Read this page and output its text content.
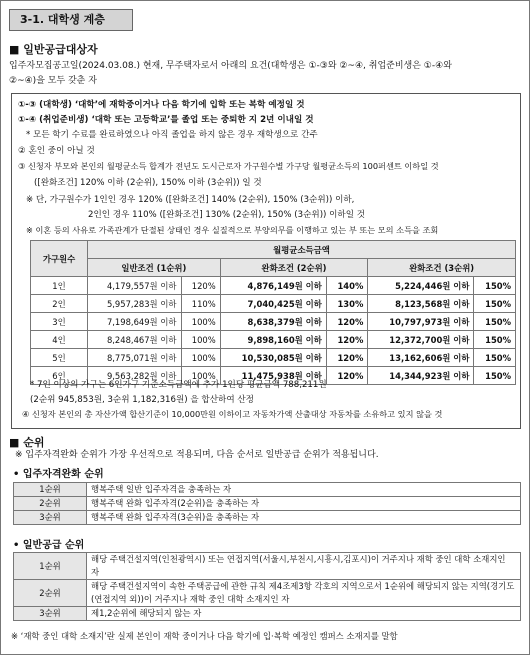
3-1. 대학생 계층
■ 일반공급대상자
입주자모집공고일(2024.03.08.) 현재, 무주택자로서 아래의 요건(대학생은 ①-③와 ②~④, 취업준비생은 ①-④와
②~④)을 모두 갖춘 자
①-③ (대학생) ‘대학’에 재학중이거나 다음 학기에 입학 또는 복학 예정일 것
①-④ (취업준비생) ‘대학 또는 고등학교’를 졸업 또는 중퇴한 지 2년 이내일 것
* 모든 학기 수료를 완료하였으나 아직 졸업을 하지 않은 경우 재학생으로 간주
② 혼인 중이 아닐 것
③ 신청자 부모와 본인의 월평균소득 합계가 전년도 도시근로자 가구원수별 가구당 월평균소득의 100퍼센트 이하일 것
([완화조건] 120% 이하 (2순위), 150% 이하 (3순위)) 일 것
※ 단, 가구원수가 1인인 경우 120% ([완화조건] 140% (2순위), 150% (3순위)) 이하,
2인인 경우 110% ([완화조건] 130% (2순위), 150% (3순위)) 이하일 것
※ 이혼 등의 사유로 가족관계가 단절된 상태인 경우 실질적으로 부양의무를 이행하고 있는 부 또는 모의 소득을 조회
가구원수	월평균소득금액					
	일반조건 (1순위)		완화조건 (2순위)		완화조건 (3순위)	
1인	4,179,557원 이하	120%	4,876,149원 이하	140%	5,224,446원 이하	150%
2인	5,957,283원 이하	110%	7,040,425원 이하	130%	8,123,568원 이하	150%
3인	7,198,649원 이하	100%	8,638,379원 이하	120%	10,797,973원 이하	150%
4인	8,248,467원 이하	100%	9,898,160원 이하	120%	12,372,700원 이하	150%
5인	8,775,071원 이하	100%	10,530,085원 이하	120%	13,162,606원 이하	150%
6인	9,563,282원 이하	100%	11,475,938원 이하	120%	14,344,923원 이하	150%
* 7인 이상의 가구는 6인가구 기준소득금액에 추가 1인당 평균금액 788,211원
(2순위 945,853원, 3순위 1,182,316원) 을 합산하여 산정
④ 신청자 본인의 총 자산가액 합산기준이 10,000만원 이하이고 자동차가액 산출대상 자동차를 소유하고 있지 않을 것
■ 순위
※ 입주자격완화 순위가 가장 우선적으로 적용되며, 다음 순서로 일반공급 순위가 적용됩니다.
• 입주자격완화 순위
1순위	행복주택 일반 입주자격을 충족하는 자
2순위	행복주택 완화 입주자격(2순위)을 충족하는 자
3순위	행복주택 완화 입주자격(3순위)을 충족하는 자
• 일반공급 순위
1순위	해당 주택건설지역(인천광역시) 또는 연접지역(서울시,부천시,시흥시,김포시)이 거주지나 재학 중인 대학 소재지인 자
2순위	해당 주택건설지역이 속한 주택공급에 관한 규칙 제4조제3항 각호의 지역으로서 1순위에 해당되지 않는 지역(경기도(연접지역 외))이 거주지나 재학 중인 대학 소재지인 자
3순위	제1,2순위에 해당되지 않는 자
※ ‘재학 중인 대학 소재지’란 실제 본인이 재학 중이거나 다음 학기에 입·복학 예정인 캠퍼스 소재지를 말함
